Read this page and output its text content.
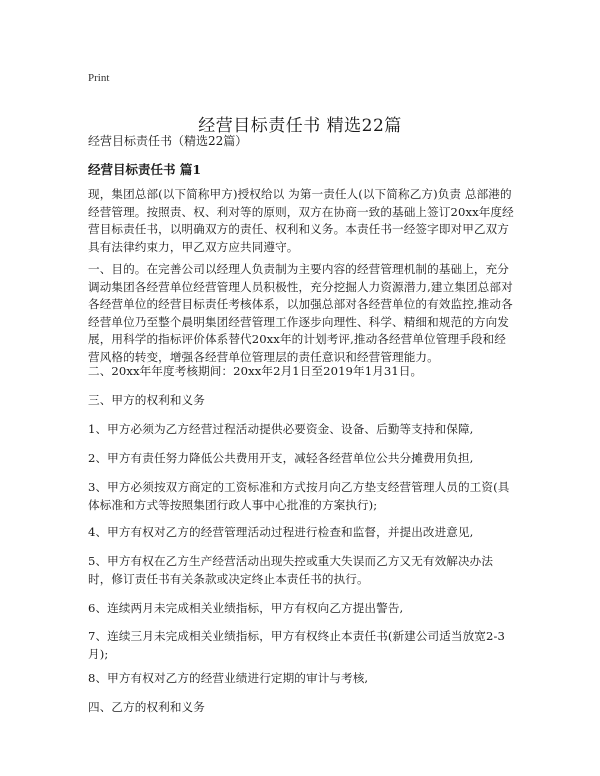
Print
经营目标责任书 精选22篇
经营目标责任书（精选22篇）
经营目标责任书 篇1

现，集团总部(以下简称甲方)授权给以 为第一责任人(以下简称乙方)负责 总部港的经营管理。按照责、权、利对等的原则，双方在协商一致的基础上签订20xx年度经营目标责任书，以明确双方的责任、权利和义务。本责任书一经签字即对甲乙双方具有法律约束力，甲乙双方应共同遵守。

一、目的。在完善公司以经理人负责制为主要内容的经营管理机制的基础上，充分调动集团各经营单位经营管理人员积极性，充分挖掘人力资源潜力,建立集团总部对各经营单位的经营目标责任考核体系，以加强总部对各经营单位的有效监控,推动各经营单位乃至整个晨明集团经营管理工作逐步向理性、科学、精细和规范的方向发展，用科学的指标评价体系替代20xx年的计划考评,推动各经营单位管理手段和经营风格的转变，增强各经营单位管理层的责任意识和经营管理能力。

二、20xx年年度考核期间：20xx年2月1日至2019年1月31日。

三、甲方的权利和义务

1、甲方必须为乙方经营过程活动提供必要资金、设备、后勤等支持和保障,

2、甲方有责任努力降低公共费用开支，减轻各经营单位公共分摊费用负担,

3、甲方必须按双方商定的工资标准和方式按月向乙方垫支经营管理人员的工资(具体标准和方式等按照集团行政人事中心批准的方案执行);

4、甲方有权对乙方的经营管理活动过程进行检查和监督，并提出改进意见,

5、甲方有权在乙方生产经营活动出现失控或重大失误而乙方又无有效解决办法时，修订责任书有关条款或决定终止本责任书的执行。

6、连续两月未完成相关业绩指标，甲方有权向乙方提出警告,

7、连续三月未完成相关业绩指标，甲方有权终止本责任书(新建公司适当放宽2-3月);

8、甲方有权对乙方的经营业绩进行定期的审计与考核,

四、乙方的权利和义务
